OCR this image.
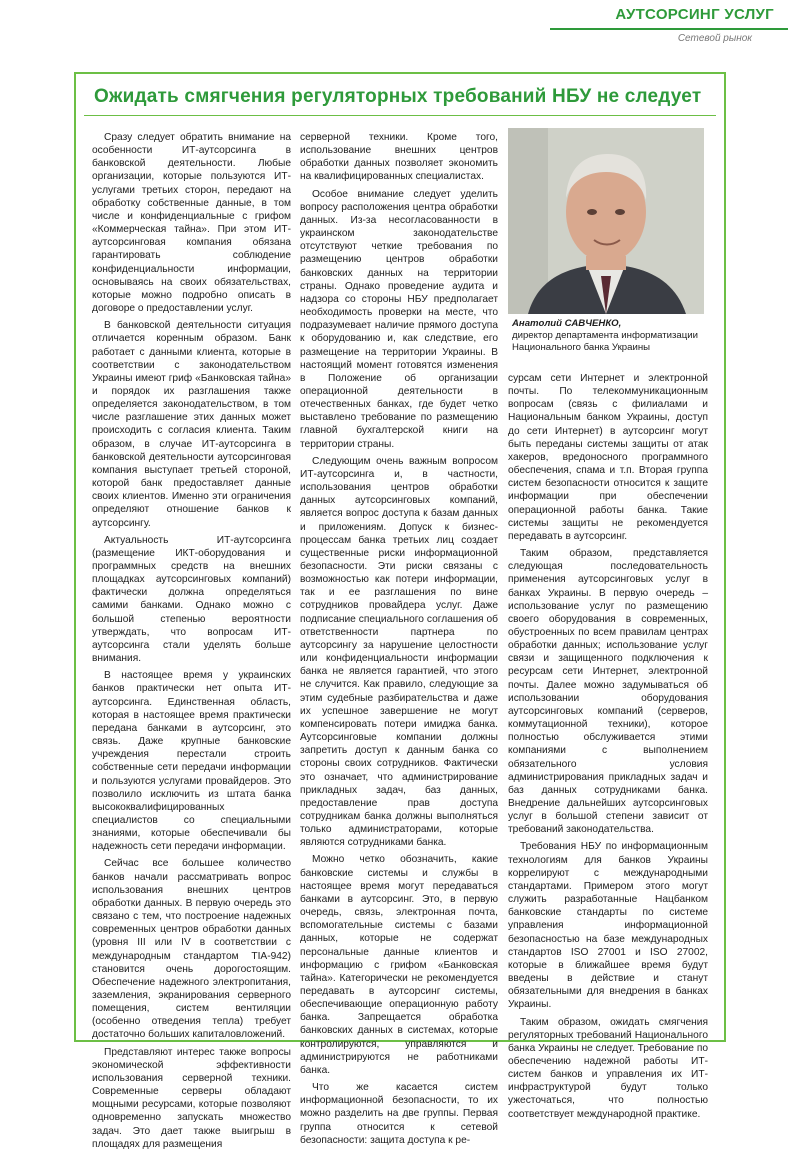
АУТСОРСИНГ УСЛУГ
Сетевой рынок
Ожидать смягчения регуляторных требований НБУ не следует

Сразу следует обратить внимание на особенности ИТ-аутсорсинга в банковской деятельности. Любые организации, которые пользуются ИТ-услугами третьих сторон, передают на обработку собственные данные, в том числе и конфиденциальные с грифом «Коммерческая тайна». При этом ИТ-аутсорсинговая компания обязана гарантировать соблюдение конфиденциальности информации, основываясь на своих обязательствах, которые можно подробно описать в договоре о предоставлении услуг.

В банковской деятельности ситуация отличается коренным образом. Банк работает с данными клиента, которые в соответствии с законодательством Украины имеют гриф «Банковская тайна» и порядок их разглашения также определяется законодательством, в том числе разглашение этих данных может происходить с согласия клиента. Таким образом, в случае ИТ-аутсорсинга в банковской деятельности аутсорсинговая компания выступает третьей стороной, которой банк предоставляет данные своих клиентов. Именно эти ограничения определяют отношение банков к аутсорсингу.

Актуальность ИТ-аутсорсинга (размещение ИКТ-оборудования и программных средств на внешних площадках аутсорсинговых компаний) фактически должна определяться самими банками. Однако можно с большой степенью вероятности утверждать, что вопросам ИТ-аутсорсинга стали уделять больше внимания.

В настоящее время у украинских банков практически нет опыта ИТ-аутсорсинга. Единственная область, которая в настоящее время практически передана банками в аутсорсинг, это связь. Даже крупные банковские учреждения перестали строить собственные сети передачи информации и пользуются услугами провайдеров. Это позволило исключить из штата банка высококвалифицированных специалистов со специальными знаниями, которые обеспечивали бы надежность сети передачи информации.

Сейчас все большее количество банков начали рассматривать вопрос использования внешних центров обработки данных. В первую очередь это связано с тем, что построение надежных современных центров обработки данных (уровня III или IV в соответствии с международным стандартом TIA-942) становится очень дорогостоящим. Обеспечение надежного электропитания, заземления, экранирования серверного помещения, систем вентиляции (особенно отведения тепла) требует достаточно больших капиталовложений.

Представляют интерес также вопросы экономической эффективности использования серверной техники. Современные серверы обладают мощными ресурсами, которые позволяют одновременно запускать множество задач. Это дает также выигрыш в площадях для размещения

серверной техники. Кроме того, использование внешних центров обработки данных позволяет экономить на квалифицированных специалистах.

Особое внимание следует уделить вопросу расположения центра обработки данных. Из-за несогласованности в украинском законодательстве отсутствуют четкие требования по размещению центров обработки банковских данных на территории страны. Однако проведение аудита и надзора со стороны НБУ предполагает необходимость проверки на месте, что подразумевает наличие прямого доступа к оборудованию и, как следствие, его размещение на территории Украины. В настоящий момент готовятся изменения в Положение об организации операционной деятельности в отечественных банках, где будет четко выставлено требование по размещению главной бухгалтерской книги на территории страны.

Следующим очень важным вопросом ИТ-аутсорсинга и, в частности, использования центров обработки данных аутсорсинговых компаний, является вопрос доступа к базам данных и приложениям. Допуск к бизнес-процессам банка третьих лиц создает существенные риски информационной безопасности. Эти риски связаны с возможностью как потери информации, так и ее разглашения по вине сотрудников провайдера услуг. Даже подписание специального соглашения об ответственности партнера по аутсорсингу за нарушение целостности или конфиденциальности информации банка не является гарантией, что этого не случится. Как правило, следующие за этим судебные разбирательства и даже их успешное завершение не могут компенсировать потери имиджа банка. Аутсорсинговые компании должны запретить доступ к данным банка со стороны своих сотрудников. Фактически это означает, что администрирование прикладных задач, баз данных, предоставление прав доступа сотрудникам банка должны выполняться только администраторами, которые являются сотрудниками банка.

Можно четко обозначить, какие банковские системы и службы в настоящее время могут передаваться банками в аутсорсинг. Это, в первую очередь, связь, электронная почта, вспомогательные системы с базами данных, которые не содержат персональные данные клиентов и информацию с грифом «Банковская тайна». Категорически не рекомендуется передавать в аутсорсинг системы, обеспечивающие операционную работу банка. Запрещается обработка банковских данных в системах, которые контролируются, управляются и администрируются не работниками банка.

Что же касается систем информационной безопасности, то их можно разделить на две группы. Первая группа относится к сетевой безопасности: защита доступа к ре-

Анатолий САВЧЕНКО,
директор департамента информатизации Национального банка Украины

сурсам сети Интернет и электронной почты. По телекоммуникационным вопросам (связь с филиалами и Национальным банком Украины, доступ до сети Интернет) в аутсорсинг могут быть переданы системы защиты от атак хакеров, вредоносного программного обеспечения, спама и т.п. Вторая группа систем безопасности относится к защите информации при обеспечении операционной работы банка. Такие системы защиты не рекомендуется передавать в аутсорсинг.

Таким образом, представляется следующая последовательность применения аутсорсинговых услуг в банках Украины. В первую очередь – использование услуг по размещению своего оборудования в современных, обустроенных по всем правилам центрах обработки данных; использование услуг связи и защищенного подключения к ресурсам сети Интернет, электронной почты. Далее можно задумываться об использовании оборудования аутсорсинговых компаний (серверов, коммутационной техники), которое полностью обслуживается этими компаниями с выполнением обязательного условия администрирования прикладных задач и баз данных сотрудниками банка. Внедрение дальнейших аутсорсинговых услуг в большой степени зависит от требований законодательства.

Требования НБУ по информационным технологиям для банков Украины коррелируют с международными стандартами. Примером этого могут служить разработанные Нацбанком банковские стандарты по системе управления информационной безопасностью на базе международных стандартов ISO 27001 и ISO 27002, которые в ближайшее время будут введены в действие и станут обязательными для внедрения в банках Украины.

Таким образом, ожидать смягчения регуляторных требований Национального банка Украины не следует. Требование по обеспечению надежной работы ИТ-систем банков и управления их ИТ-инфраструктурой будут только ужесточаться, что полностью соответствует международной практике.
